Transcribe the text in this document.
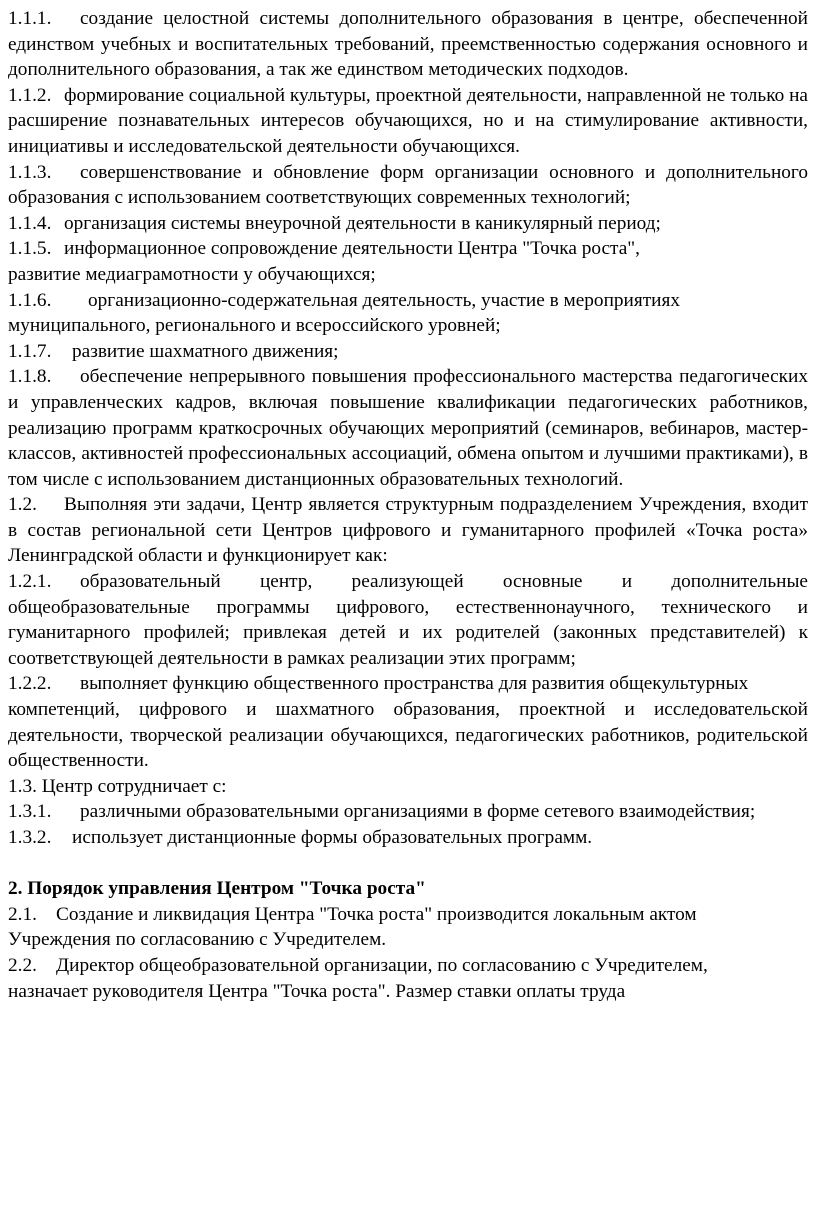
1.1.1. создание целостной системы дополнительного образования в центре, обеспеченной единством учебных и воспитательных требований, преемственностью содержания основного и дополнительного образования, а так же единством методических подходов.

1.1.2. формирование социальной культуры, проектной деятельности, направленной не только на расширение познавательных интересов обучающихся, но и на стимулирование активности, инициативы и исследовательской деятельности обучающихся.

1.1.3. совершенствование и обновление форм организации основного и дополнительного образования с использованием соответствующих современных технологий;

1.1.4. организация системы внеурочной деятельности в каникулярный период;

1.1.5. информационное сопровождение деятельности Центра "Точка роста",
развитие медиаграмотности у обучающихся;

1.1.6. организационно-содержательная деятельность, участие в мероприятиях
муниципального, регионального и всероссийского уровней;

1.1.7. развитие шахматного движения;

1.1.8. обеспечение непрерывного повышения профессионального мастерства педагогических и управленческих кадров, включая повышение квалификации педагогических работников, реализацию программ краткосрочных обучающих мероприятий (семинаров, вебинаров, мастер-классов, активностей профессиональных ассоциаций, обмена опытом и лучшими практиками), в том числе с использованием дистанционных образовательных технологий.

1.2. Выполняя эти задачи, Центр является структурным подразделением Учреждения, входит в состав региональной сети Центров цифрового и гуманитарного профилей «Точка роста» Ленинградской области и функционирует как:

1.2.1. образовательный центр, реализующей основные и дополнительные общеобразовательные программы цифрового, естественнонаучного, технического и гуманитарного профилей; привлекая детей и их родителей (законных представителей) к соответствующей деятельности в рамках реализации этих программ;

1.2.2. выполняет функцию общественного пространства для развития общекультурных

компетенций, цифрового и шахматного образования, проектной и исследовательской деятельности, творческой реализации обучающихся, педагогических работников, родительской общественности.

1.3. Центр сотрудничает с:

1.3.1. различными образовательными организациями в форме сетевого взаимодействия;

1.3.2. использует дистанционные формы образовательных программ.

2. Порядок управления Центром "Точка роста"

2.1. Создание и ликвидация Центра "Точка роста" производится локальным актом
Учреждения по согласованию с Учредителем.

2.2. Директор общеобразовательной организации, по согласованию с Учредителем,
назначает руководителя Центра "Точка роста". Размер ставки оплаты труда
